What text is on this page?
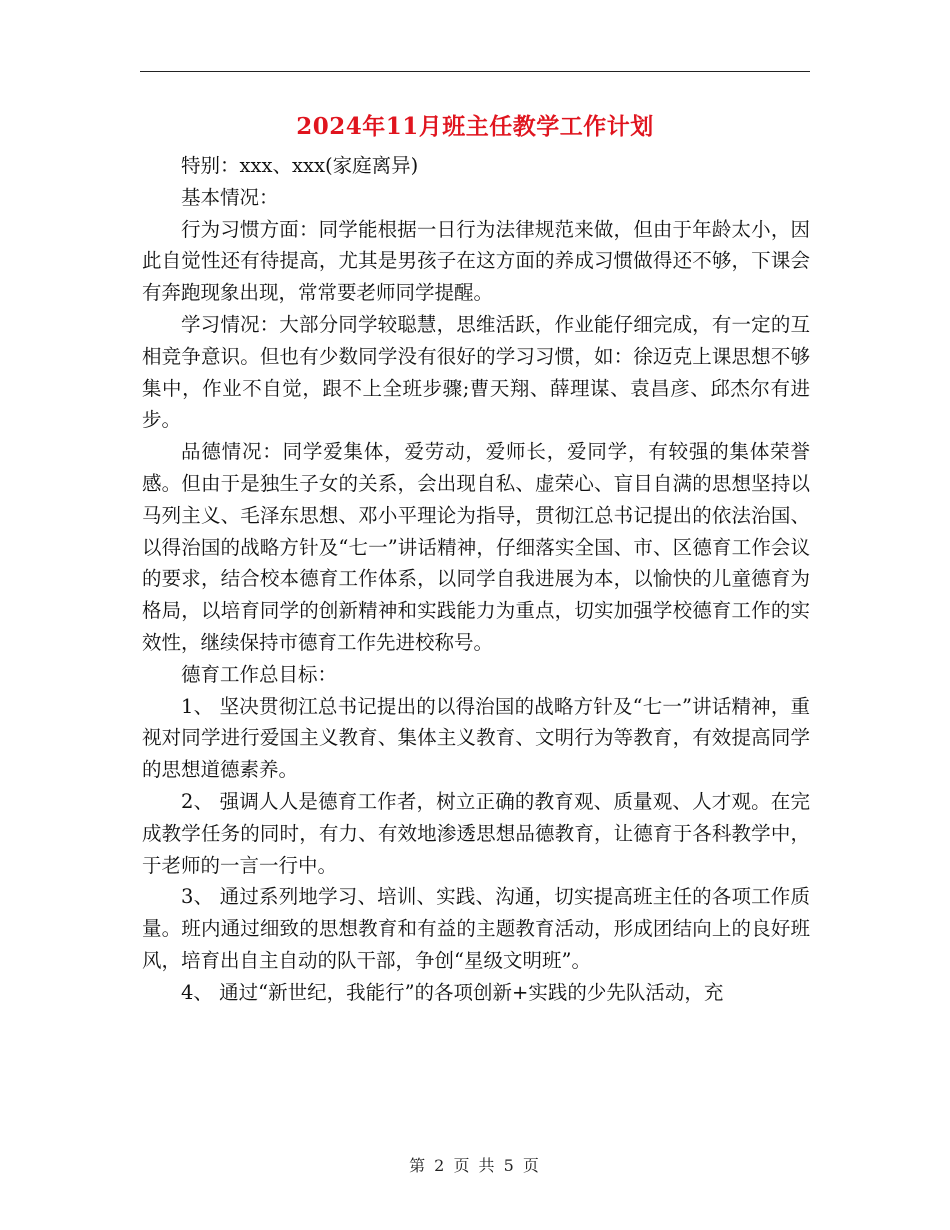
2024年11月班主任教学工作计划

特别：xxx、xxx(家庭离异)

基本情况：

行为习惯方面：同学能根据一日行为法律规范来做，但由于年龄太小，因此自觉性还有待提高，尤其是男孩子在这方面的养成习惯做得还不够，下课会有奔跑现象出现，常常要老师同学提醒。

学习情况：大部分同学较聪慧，思维活跃，作业能仔细完成，有一定的互相竞争意识。但也有少数同学没有很好的学习习惯，如：徐迈克上课思想不够集中，作业不自觉，跟不上全班步骤;曹天翔、薛理谋、袁昌彦、邱杰尔有进步。

品德情况：同学爱集体，爱劳动，爱师长，爱同学，有较强的集体荣誉感。但由于是独生子女的关系，会出现自私、虚荣心、盲目自满的思想坚持以马列主义、毛泽东思想、邓小平理论为指导，贯彻江总书记提出的依法治国、以得治国的战略方针及“七一”讲话精神，仔细落实全国、市、区德育工作会议的要求，结合校本德育工作体系，以同学自我进展为本，以愉快的儿童德育为格局，以培育同学的创新精神和实践能力为重点，切实加强学校德育工作的实效性，继续保持市德育工作先进校称号。

德育工作总目标：

1、 坚决贯彻江总书记提出的以得治国的战略方针及“七一”讲话精神，重视对同学进行爱国主义教育、集体主义教育、文明行为等教育，有效提高同学的思想道德素养。

2、 强调人人是德育工作者，树立正确的教育观、质量观、人才观。在完成教学任务的同时，有力、有效地渗透思想品德教育，让德育于各科教学中，于老师的一言一行中。

3、 通过系列地学习、培训、实践、沟通，切实提高班主任的各项工作质量。班内通过细致的思想教育和有益的主题教育活动，形成团结向上的良好班风，培育出自主自动的队干部，争创“星级文明班”。

4、 通过“新世纪，我能行”的各项创新+实践的少先队活动，充

第 2 页 共 5 页
